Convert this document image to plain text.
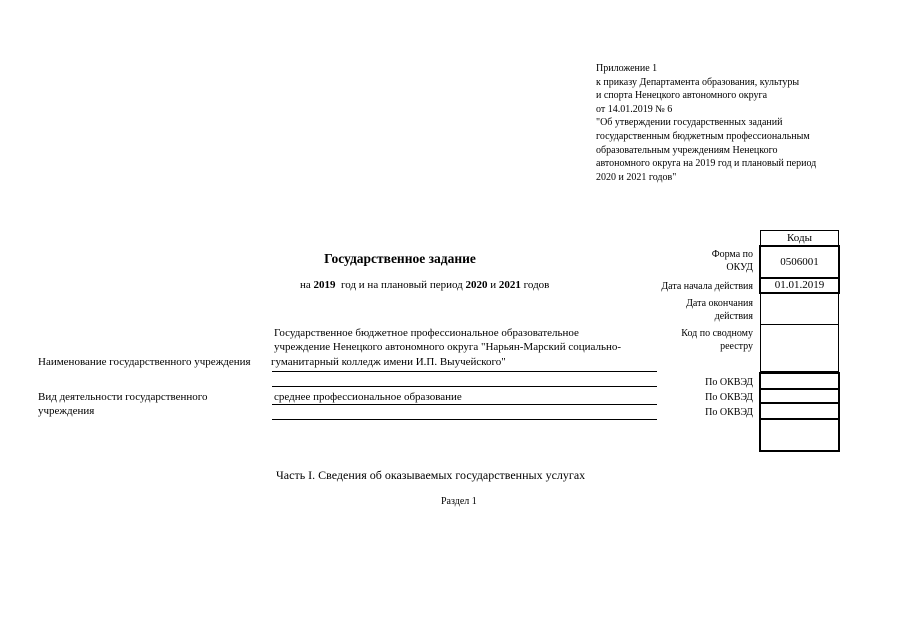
Приложение 1
к приказу Департамента образования, культуры
и спорта Ненецкого автономного округа
от 14.01.2019 № 6
"Об утверждении государственных заданий
государственным бюджетным профессиональным
образовательным учреждениям Ненецкого
автономного округа на 2019 год и плановый период
2020 и 2021 годов"
Государственное задание
на 2019 год и на плановый период 2020 и 2021 годов
Форма по
ОКУД
Дата начала действия
Дата окончания
действия
Код по сводному
реестру
По ОКВЭД
По ОКВЭД
По ОКВЭД
Коды
0506001
01.01.2019
Государственное бюджетное профессиональное образовательное
учреждение Ненецкого автономного округа "Нарьян-Марский социально-
Наименование государственного учреждения гуманитарный колледж имени И.П. Выучейского"
Вид деятельности государственного
учреждения
среднее профессиональное образование
Часть I. Сведения об оказываемых государственных услугах
Раздел 1
